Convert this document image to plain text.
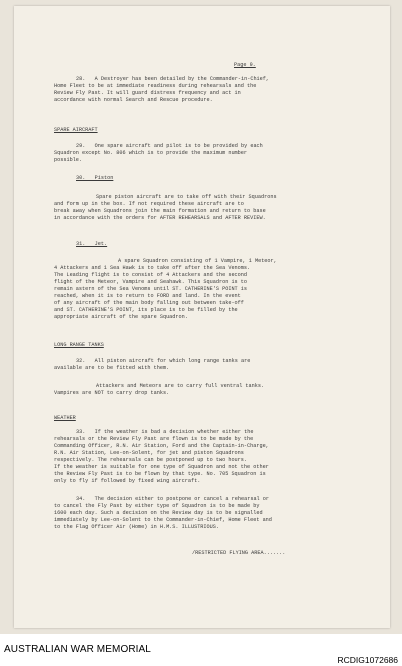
Page 9.
28.   A Destroyer has been detailed by the Commander-in-Chief,
Home Fleet to be at immediate readiness during rehearsals and the
Review Fly Past. It will guard distress frequency and act in
accordance with normal Search and Rescue procedure.
SPARE AIRCRAFT
29.   One spare aircraft and pilot is to be provided by each
Squadron except No. 806 which is to provide the maximum number
possible.
30.   Piston
Spare piston aircraft are to take off with their Squadrons
and form up in the box. If not required these aircraft are to
break away when Squadrons join the main formation and return to base
in accordance with the orders for AFTER REHEARSALS and AFTER REVIEW.
31.   Jet.
A spare Squadron consisting of 1 Vampire, 1 Meteor,
4 Attackers and 1 Sea Hawk is to take off after the Sea Venoms.
The Leading flight is to consist of 4 Attackers and the second
flight of the Meteor, Vampire and Seahawk. This Squadron is to
remain astern of the Sea Venoms until ST. CATHERINE'S POINT is
reached, when it is to return to FORD and land. In the event
of any aircraft of the main body falling out between take-off
and ST. CATHERINE'S POINT, its place is to be filled by the
appropriate aircraft of the spare Squadron.
LONG RANGE TANKS
32.   All piston aircraft for which long range tanks are
available are to be fitted with them.
Attackers and Meteors are to carry full ventral tanks.
Vampires are NOT to carry drop tanks.
WEATHER
33.   If the weather is bad a decision whether either the
rehearsals or the Review Fly Past are flown is to be made by the
Commanding Officer, R.N. Air Station, Ford and the Captain-in-Charge,
R.N. Air Station, Lee-on-Solent, for jet and piston Squadrons
respectively. The rehearsals can be postponed up to two hours.
If the weather is suitable for one type of Squadron and not the other
the Review Fly Past is to be flown by that type. No. 705 Squadron is
only to fly if followed by fixed wing aircraft.
34.   The decision either to postpone or cancel a rehearsal or
to cancel the Fly Past by either type of Squadron is to be made by
1600 each day. Such a decision on the Review day is to be signalled
immediately by Lee-on-Solent to the Commander-in-Chief, Home Fleet and
to the Flag Officer Air (Home) in H.M.S. ILLUSTRIOUS.
/RESTRICTED FLYING AREA.......
AUSTRALIAN WAR MEMORIAL
RCDIG1072686
